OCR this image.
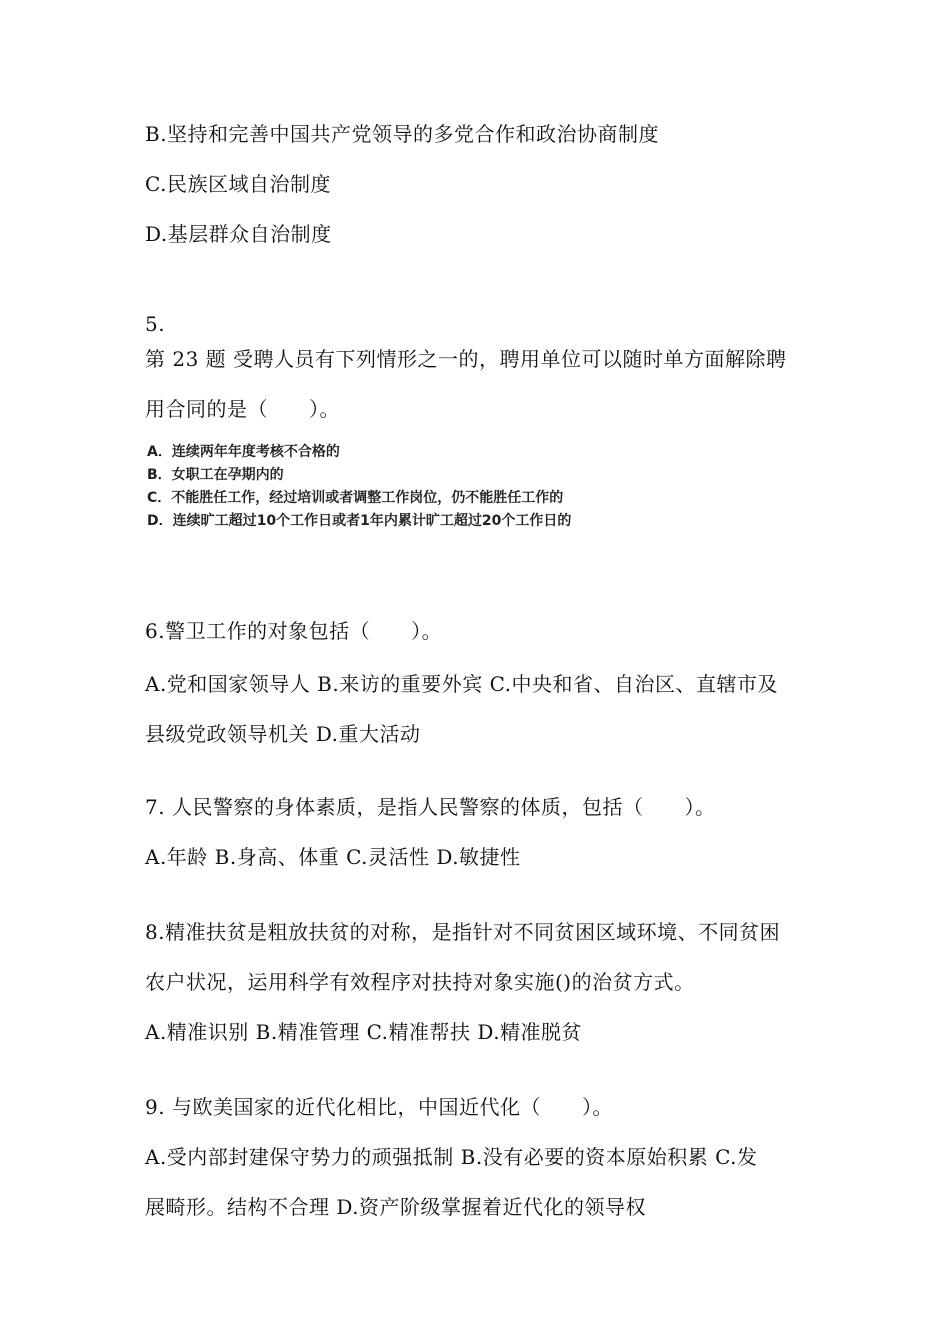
B.坚持和完善中国共产党领导的多党合作和政治协商制度
C.民族区域自治制度
D.基层群众自治制度
5.
第 23 题 受聘人员有下列情形之一的，聘用单位可以随时单方面解除聘
用合同的是（　　）。
A．连续两年年度考核不合格的
B．女职工在孕期内的
C．不能胜任工作，经过培训或者调整工作岗位，仍不能胜任工作的
D．连续旷工超过10个工作日或者1年内累计旷工超过20个工作日的
6.警卫工作的对象包括（　　）。
A.党和国家领导人 B.来访的重要外宾 C.中央和省、自治区、直辖市及
县级党政领导机关 D.重大活动
7. 人民警察的身体素质，是指人民警察的体质，包括（　　）。
A.年龄 B.身高、体重 C.灵活性 D.敏捷性
8.精准扶贫是粗放扶贫的对称，是指针对不同贫困区域环境、不同贫困
农户状况，运用科学有效程序对扶持对象实施()的治贫方式。
A.精准识别 B.精准管理 C.精准帮扶 D.精准脱贫
9. 与欧美国家的近代化相比，中国近代化（　　）。
A.受内部封建保守势力的顽强抵制 B.没有必要的资本原始积累 C.发
展畸形。结构不合理 D.资产阶级掌握着近代化的领导权
